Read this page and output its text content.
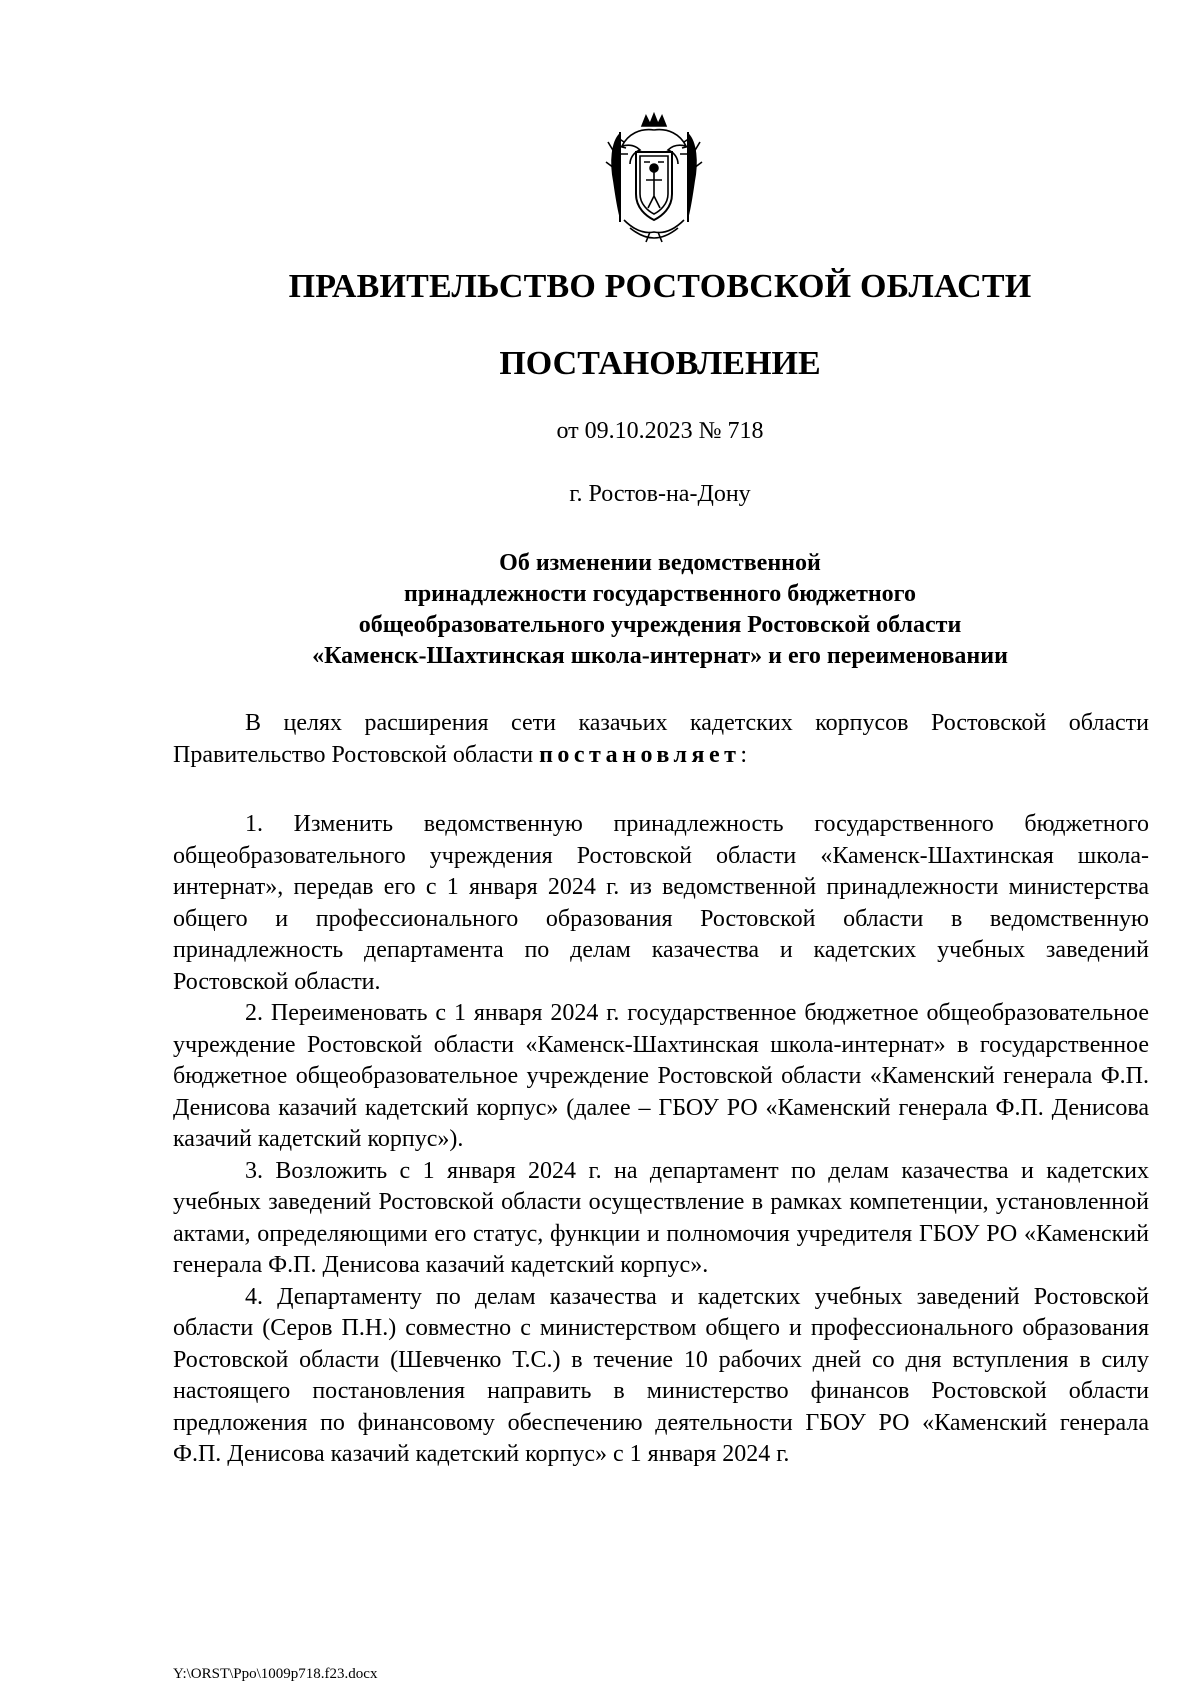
ПРАВИТЕЛЬСТВО РОСТОВСКОЙ ОБЛАСТИ
ПОСТАНОВЛЕНИЕ
от 09.10.2023 № 718
г. Ростов-на-Дону
Об изменении ведомственной
принадлежности государственного бюджетного
общеобразовательного учреждения Ростовской области
«Каменск-Шахтинская школа-интернат» и его переименовании

В целях расширения сети казачьих кадетских корпусов Ростовской области Правительство Ростовской области постановляет:

1. Изменить ведомственную принадлежность государственного бюджетного общеобразовательного учреждения Ростовской области «Каменск-Шахтинская школа-интернат», передав его с 1 января 2024 г. из ведомственной принадлежности министерства общего и профессионального образования Ростовской области в ведомственную принадлежность департамента по делам казачества и кадетских учебных заведений Ростовской области.

2. Переименовать с 1 января 2024 г. государственное бюджетное общеобразовательное учреждение Ростовской области «Каменск-Шахтинская школа-интернат» в государственное бюджетное общеобразовательное учреждение Ростовской области «Каменский генерала Ф.П. Денисова казачий кадетский корпус» (далее – ГБОУ РО «Каменский генерала Ф.П. Денисова казачий кадетский корпус»).

3. Возложить с 1 января 2024 г. на департамент по делам казачества и кадетских учебных заведений Ростовской области осуществление в рамках компетенции, установленной актами, определяющими его статус, функции и полномочия учредителя ГБОУ РО «Каменский генерала Ф.П. Денисова казачий кадетский корпус».

4. Департаменту по делам казачества и кадетских учебных заведений Ростовской области (Серов П.Н.) совместно с министерством общего и профессионального образования Ростовской области (Шевченко Т.С.) в течение 10 рабочих дней со дня вступления в силу настоящего постановления направить в министерство финансов Ростовской области предложения по финансовому обеспечению деятельности ГБОУ РО «Каменский генерала Ф.П. Денисова казачий кадетский корпус» с 1 января 2024 г.

Y:\ORST\Ppo\1009p718.f23.docx
